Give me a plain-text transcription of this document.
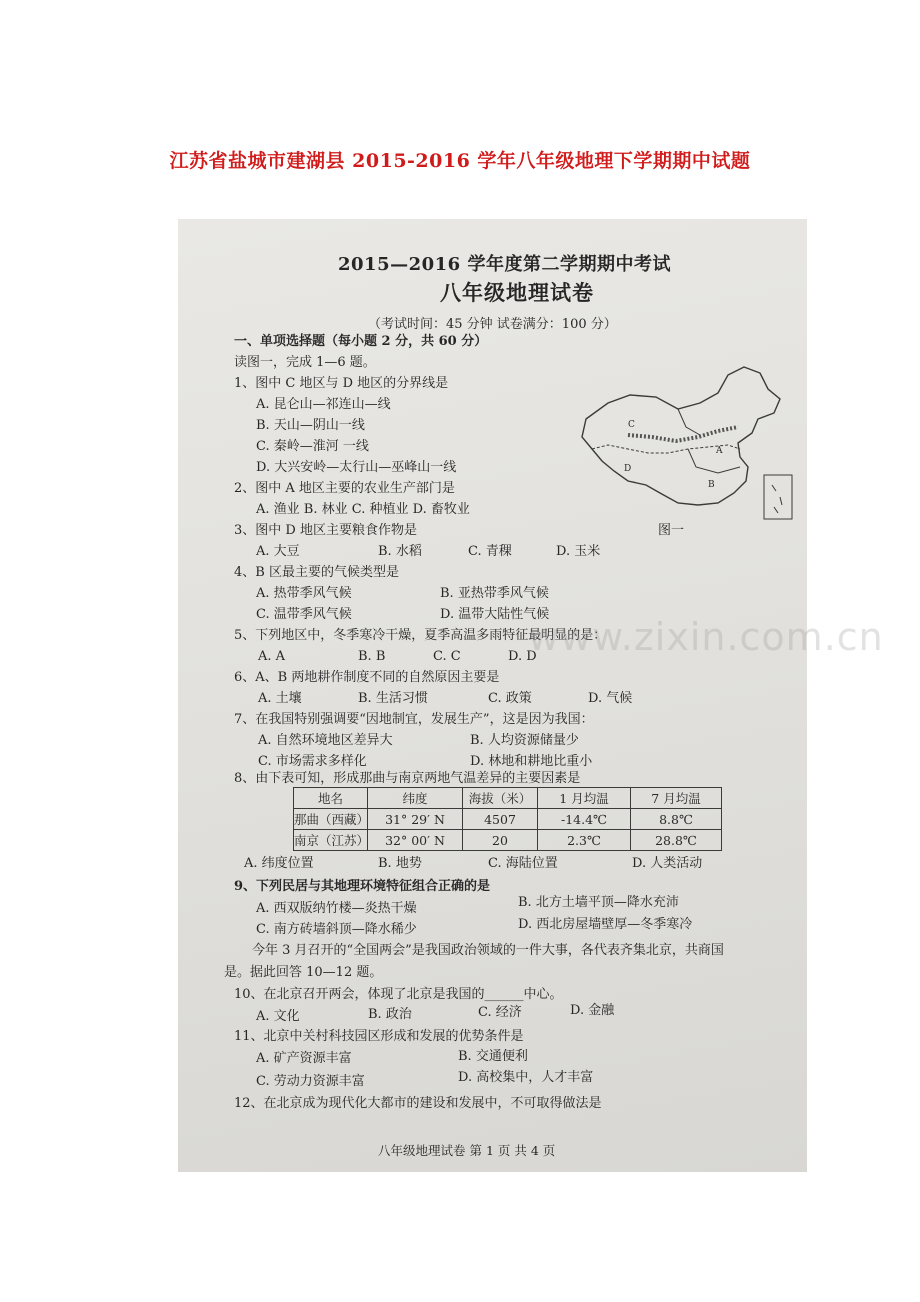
江苏省盐城市建湖县 2015-2016 学年八年级地理下学期期中试题
2015—2016 学年度第二学期期中考试
八年级地理试卷
（考试时间：45 分钟 试卷满分：100 分）
一、单项选择题（每小题 2 分，共 60 分）
读图一，完成 1—6 题。
1、图中 C 地区与 D 地区的分界线是
A. 昆仑山—祁连山—线
B. 天山—阴山一线
C. 秦岭—淮河 一线
D. 大兴安岭—太行山—巫峰山一线
2、图中 A 地区主要的农业生产部门是
A. 渔业 B. 林业 C. 种植业 D. 畜牧业
3、图中 D 地区主要粮食作物是
A. 大豆	B. 水稻	C. 青稞	D. 玉米
4、B 区最主要的气候类型是
A. 热带季风气候	B. 亚热带季风气候
C. 温带季风气候	D. 温带大陆性气候
5、下列地区中，冬季寒冷干燥，夏季高温多雨特征最明显的是：
A. A	B. B	C. C	D. D
6、A、B 两地耕作制度不同的自然原因主要是
A. 土壤	B. 生活习惯	C. 政策	D. 气候
7、在我国特别强调要“因地制宜，发展生产”，这是因为我国：
A. 自然环境地区差异大	B. 人均资源储量少
C. 市场需求多样化	D. 林地和耕地比重小
8、由下表可知，形成那曲与南京两地气温差异的主要因素是
地名	纬度	海拔（米）	1 月均温	7 月均温
那曲（西藏）	31° 29′ N	4507	-14.4℃	8.8℃
南京（江苏）	32° 00′ N	20	2.3℃	28.8℃
A. 纬度位置	B. 地势	C. 海陆位置	D. 人类活动
9、下列民居与其地理环境特征组合正确的是
A. 西双版纳竹楼—炎热干燥	B. 北方土墙平顶—降水充沛
C. 南方砖墙斜顶—降水稀少	D. 西北房屋墙壁厚—冬季寒冷
今年 3 月召开的“全国两会”是我国政治领域的一件大事，各代表齐集北京，共商国
是。据此回答 10—12 题。
10、在北京召开两会，体现了北京是我国的______中心。
A. 文化	B. 政治	C. 经济	D. 金融
11、北京中关村科技园区形成和发展的优势条件是
A. 矿产资源丰富	B. 交通便利
C. 劳动力资源丰富	D. 高校集中，人才丰富
12、在北京成为现代化大都市的建设和发展中，不可取得做法是
www.zixin.com.cn
C
A
D
B
图一
八年级地理试卷 第 1 页 共 4 页
